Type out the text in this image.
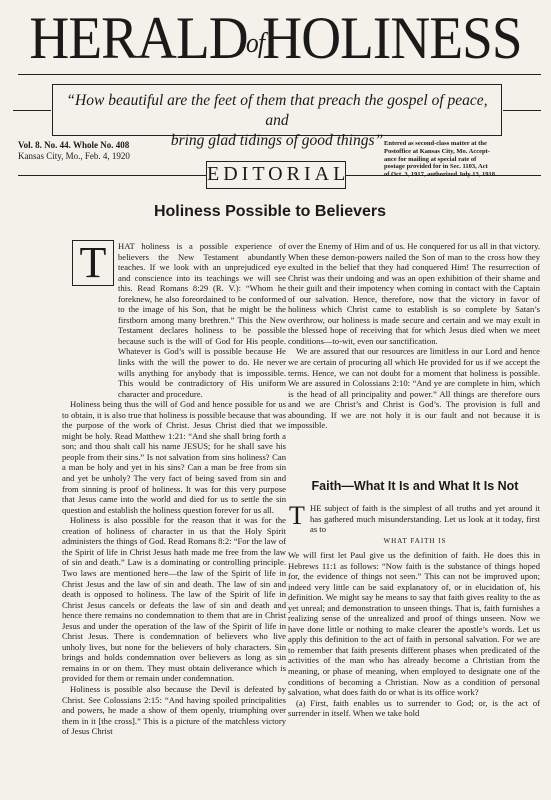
HERALDofHOLINESS
“How beautiful are the feet of them that preach the gospel of peace, and
bring glad tidings of good things”
Vol. 8. No. 44. Whole No. 408
Kansas City, Mo., Feb. 4, 1920
Entered as second-class matter at the
Postoffice at Kansas City, Mo. Accept-
ance for mailing at special rate of
postage provided for in Sec. 1103, Act
of Oct. 3, 1917, authorized July 13, 1918.
EDITORIAL
Holiness Possible to Believers
T	HAT holiness is a possible experience of believers the New Testament abundantly teaches. If we look with an unprejudiced eye and conscience into its teachings we will see this. Read Romans 8:29 (R. V.): “Whom he foreknew, he also foreordained to be conformed to the image of his Son, that he might be the firstborn among many brethren.” This the New Testament declares holiness to be possible because such is the will of God for His people. Whatever is God’s will is possible because He links with the will the power to do. He never wills anything for anybody that is impossible. This would be contradictory of His uniform character and procedure.

Holiness being thus the will of God and hence possible for us to obtain, it is also true that holiness is possible because that was the purpose of the work of Christ. Jesus Christ died that we might be holy. Read Matthew 1:21: “And she shall bring forth a son; and thou shalt call his name JESUS; for he shall save his people from their sins.” Is not salvation from sins holiness? Can a man be holy and yet in his sins? Can a man be free from sin and yet be unholy? The very fact of being saved from sin and from sinning is proof of holiness. It was for this very purpose that Jesus came into the world and died for us to settle the sin question and establish the holiness question forever for us all.

Holiness is also possible for the reason that it was for the creation of holiness of character in us that the Holy Spirit administers the things of God. Read Romans 8:2: “For the law of the Spirit of life in Christ Jesus hath made me free from the law of sin and death.” Law is a dominating or controlling principle. Two laws are mentioned here—the law of the Spirit of life in Christ Jesus and the law of sin and death. The law of sin and death is opposed to holiness. The law of the Spirit of life in Christ Jesus cancels or defeats the law of sin and death and hence there remains no condemnation to them that are in Christ Jesus and under the operation of the law of the Spirit of life in Christ Jesus. There is condemnation of believers who live unholy lives, but none for the believers of holy characters. Sin brings and holds condemnation over believers as long as sin remains in or on them. They must obtain deliverance which is provided for them or remain under condemnation.

Holiness is possible also because the Devil is defeated by Christ. See Colossians 2:15: “And having spoiled principalities and powers, he made a show of them openly, triumphing over them in it [the cross].” This is a picture of the matchless victory of Jesus Christ

over the Enemy of Him and of us. He conquered for us all in that victory. When these demon-powers nailed the Son of man to the cross how they exulted in the belief that they had conquered Him! The resurrection of Christ was their undoing and was an open exhibition of their shame and their guilt and their impotency when coming in contact with the Captain of our salvation. Hence, therefore, now that the victory in favor of holiness which Christ came to establish is so complete by Satan’s overthrow, our holiness is made secure and certain and we may exult in the blessed hope of receiving that for which Jesus died when we meet conditions—to-wit, even our sanctification.

We are assured that our resources are limitless in our Lord and hence we are certain of procuring all which He provided for us if we accept the terms. Hence, we can not doubt for a moment that holiness is possible. We are assured in Colossians 2:10: “And ye are complete in him, which is the head of all principality and power.” All things are therefore ours and we are Christ’s and Christ is God’s. The provision is full and abounding. If we are not holy it is our fault and not because it is impossible.

Faith—What It Is and What It Is Not
T HE subject of faith is the simplest of all truths and yet around it has gathered much misunderstanding. Let us look at it today, first as to

WHAT FAITH IS

We will first let Paul give us the definition of faith. He does this in Hebrews 11:1 as follows: “Now faith is the substance of things hoped for, the evidence of things not seen.” This can not be improved upon; indeed very little can be said explanatory of, or in elucidation of, his definition. We might say he means to say that faith gives reality to the as yet unreal; and demonstration to unseen things. That is, faith furnishes a realizing sense of the unrealized and proof of things unseen. Now we have done little or nothing to make clearer the apostle’s words. Let us apply this definition to the act of faith in personal salvation. For we are to remember that faith presents different phases when predicated of the activities of the man who has already become a Christian from the meaning, or phase of meaning, when employed to designate one of the conditions of becoming a Christian. Now as a condition of personal salvation, what does faith do or what is its office work?

(a) First, faith enables us to surrender to God; or, is the act of surrender in itself. When we take hold
